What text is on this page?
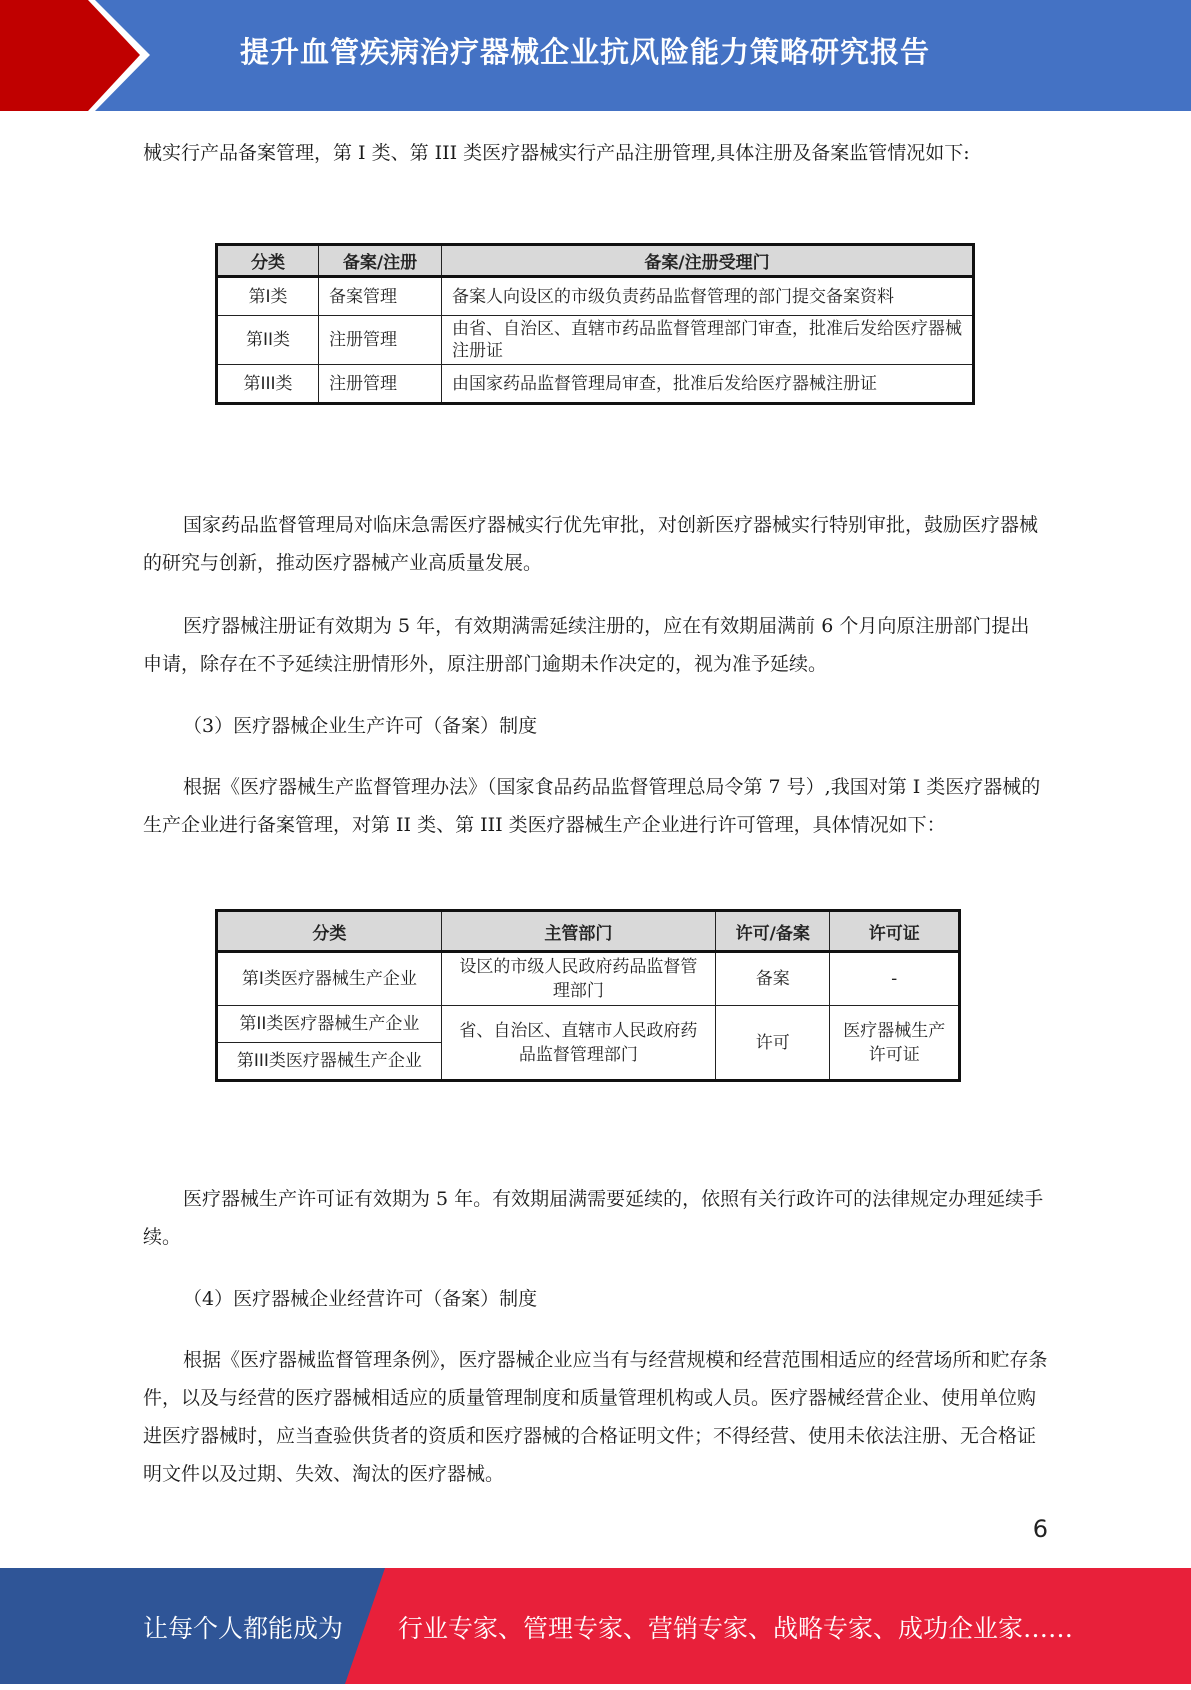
提升血管疾病治疗器械企业抗风险能力策略研究报告

械实行产品备案管理，第 I 类、第 III 类医疗器械实行产品注册管理,具体注册及备案监管情况如下:

分类	备案/注册	备案/注册受理门
第I类	备案管理	备案人向设区的市级负责药品监督管理的部门提交备案资料
第II类	注册管理	由省、自治区、直辖市药品监督管理部门审查，批准后发给医疗器械注册证
第III类	注册管理	由国家药品监督管理局审查，批准后发给医疗器械注册证

国家药品监督管理局对临床急需医疗器械实行优先审批，对创新医疗器械实行特别审批，鼓励医疗器械的研究与创新，推动医疗器械产业高质量发展。

医疗器械注册证有效期为 5 年，有效期满需延续注册的，应在有效期届满前 6 个月向原注册部门提出申请，除存在不予延续注册情形外，原注册部门逾期未作决定的，视为准予延续。

（3）医疗器械企业生产许可（备案）制度

根据《医疗器械生产监督管理办法》（国家食品药品监督管理总局令第 7 号）,我国对第 I 类医疗器械的生产企业进行备案管理，对第 II 类、第 III 类医疗器械生产企业进行许可管理，具体情况如下：

分类	主管部门	许可/备案	许可证
第I类医疗器械生产企业	设区的市级人民政府药品监督管理部门	备案	-
第II类医疗器械生产企业	省、自治区、直辖市人民政府药品监督管理部门	许可	医疗器械生产许可证
第III类医疗器械生产企业			

医疗器械生产许可证有效期为 5 年。有效期届满需要延续的，依照有关行政许可的法律规定办理延续手续。

（4）医疗器械企业经营许可（备案）制度

根据《医疗器械监督管理条例》，医疗器械企业应当有与经营规模和经营范围相适应的经营场所和贮存条件，以及与经营的医疗器械相适应的质量管理制度和质量管理机构或人员。医疗器械经营企业、使用单位购进医疗器械时，应当查验供货者的资质和医疗器械的合格证明文件；不得经营、使用未依法注册、无合格证明文件以及过期、失效、淘汰的医疗器械。

6
让每个人都能成为 行业专家、管理专家、营销专家、战略专家、成功企业家……
